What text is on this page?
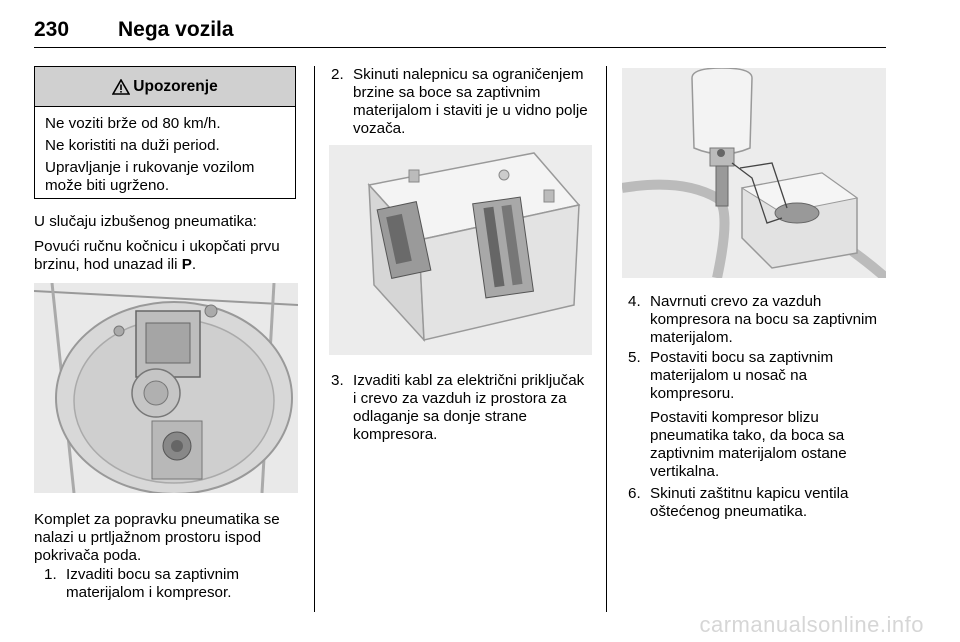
230 Nega vozila
Upozorenje
Ne voziti brže od 80 km/h.
Ne koristiti na duži period.
Upravljanje i rukovanje vozilom može biti ugrženo.

U slučaju izbušenog pneumatika:

Povući ručnu kočnicu i ukopčati prvu brzinu, hod unazad ili P.

Komplet za popravku pneumatika se nalazi u prtljažnom prostoru ispod pokrivača poda.

1. Izvaditi bocu sa zaptivnim materijalom i kompresor.
2. Skinuti nalepnicu sa ograničenjem brzine sa boce sa zaptivnim materijalom i staviti je u vidno polje vozača.
3. Izvaditi kabl za električni priključak i crevo za vazduh iz prostora za odlaganje sa donje strane kompresora.
4. Navrnuti crevo za vazduh kompresora na bocu sa zaptivnim materijalom.
5. Postaviti bocu sa zaptivnim materijalom u nosač na kompresoru.

Postaviti kompresor blizu pneumatika tako, da boca sa zaptivnim materijalom ostane vertikalna.

6. Skinuti zaštitnu kapicu ventila oštećenog pneumatika.
carmanualsonline.info
